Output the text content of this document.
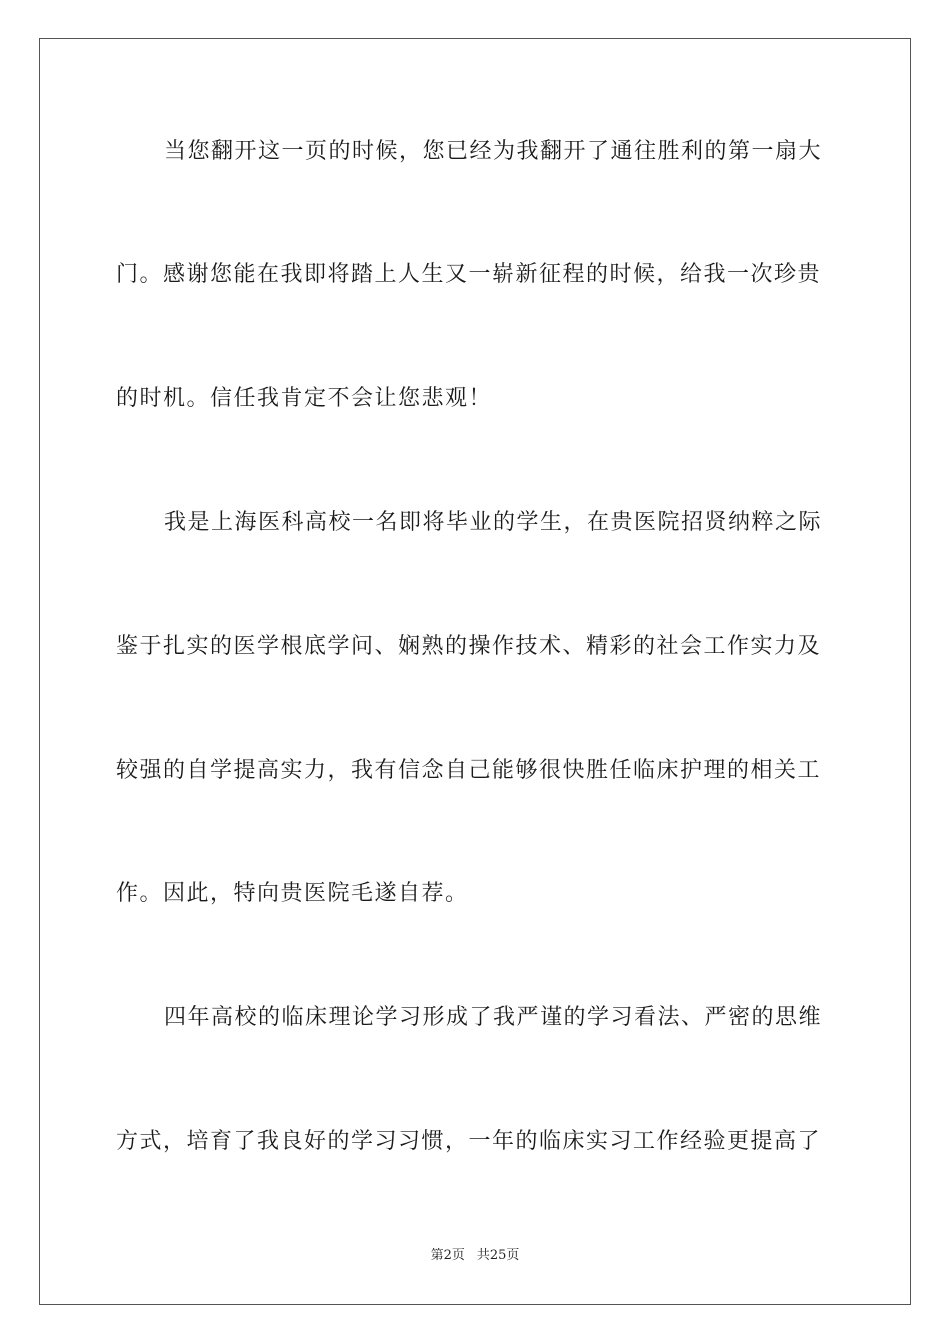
当您翻开这一页的时候，您已经为我翻开了通往胜利的第一扇大
门。感谢您能在我即将踏上人生又一崭新征程的时候，给我一次珍贵
的时机。信任我肯定不会让您悲观！
我是上海医科高校一名即将毕业的学生，在贵医院招贤纳粹之际
鉴于扎实的医学根底学问、娴熟的操作技术、精彩的社会工作实力及
较强的自学提高实力，我有信念自己能够很快胜任临床护理的相关工
作。因此，特向贵医院毛遂自荐。
四年高校的临床理论学习形成了我严谨的学习看法、严密的思维
方式，培育了我良好的学习习惯，一年的临床实习工作经验更提高了
第2页 共25页
